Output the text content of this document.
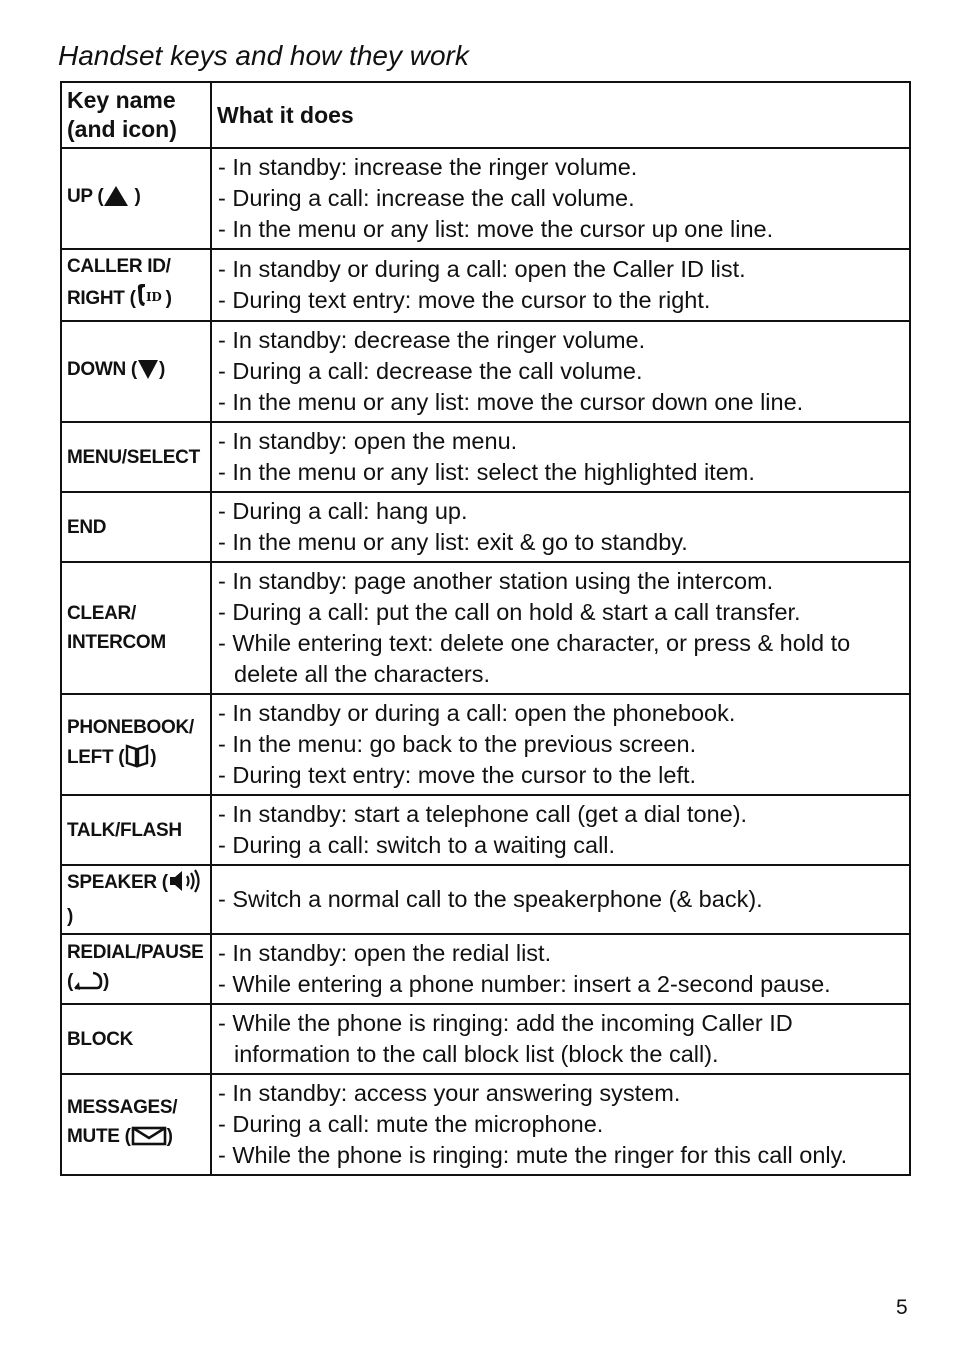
Handset keys and how they work
Key name
(and icon)	What it does
UP ( )	- In standby: increase the ringer volume.
- During a call: increase the call volume.
- In the menu or any list: move the cursor up one line.

CALLER ID/
RIGHT ( ID )	- In standby or during a call: open the Caller ID list.
- During text entry: move the cursor to the right.

DOWN ( )	- In standby: decrease the ringer volume.
- During a call: decrease the call volume.
- In the menu or any list: move the cursor down one line.

MENU/SELECT	- In standby: open the menu.
- In the menu or any list: select the highlighted item.

END	- During a call: hang up.
- In the menu or any list: exit & go to standby.

CLEAR/
INTERCOM	- In standby: page another station using the intercom.
- During a call: put the call on hold & start a call transfer.
- While entering text: delete one character, or press & hold to delete all the characters.

PHONEBOOK/
LEFT ( )	- In standby or during a call: open the phonebook.
- In the menu: go back to the previous screen.
- During text entry: move the cursor to the left.

TALK/FLASH	- In standby: start a telephone call (get a dial tone).
- During a call: switch to a waiting call.

SPEAKER ()	- Switch a normal call to the speakerphone (& back).

REDIAL/PAUSE
( )	- In standby: open the redial list.
- While entering a phone number: insert a 2-second pause.

BLOCK	- While the phone is ringing: add the incoming Caller ID information to the call block list (block the call).

MESSAGES/
MUTE ( )	- In standby: access your answering system.
- During a call: mute the microphone.
- While the phone is ringing: mute the ringer for this call only.
5
